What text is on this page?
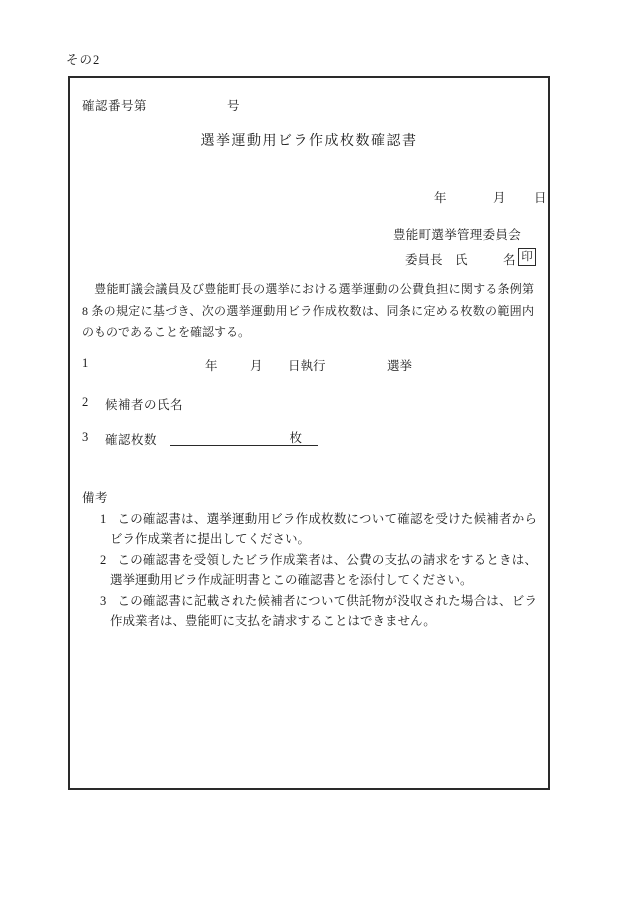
その2
確認番号第	号
選挙運動用ビラ作成枚数確認書
年	月 日
豊能町選挙管理委員会
委員長 氏	名 印

　豊能町議会議員及び豊能町長の選挙における選挙運動の公費負担に関する条例第 8 条の規定に基づき、次の選挙運動用ビラ作成枚数は、同条に定める枚数の範囲内のものであることを確認する。

1	年	月 日執行	選挙
2 候補者の氏名
3 確認枚数	枚
備考
1 この確認書は、選挙運動用ビラ作成枚数について確認を受けた候補者からビラ作成業者に提出してください。
2 この確認書を受領したビラ作成業者は、公費の支払の請求をするときは、選挙運動用ビラ作成証明書とこの確認書とを添付してください。
3 この確認書に記載された候補者について供託物が没収された場合は、ビラ作成業者は、豊能町に支払を請求することはできません。
